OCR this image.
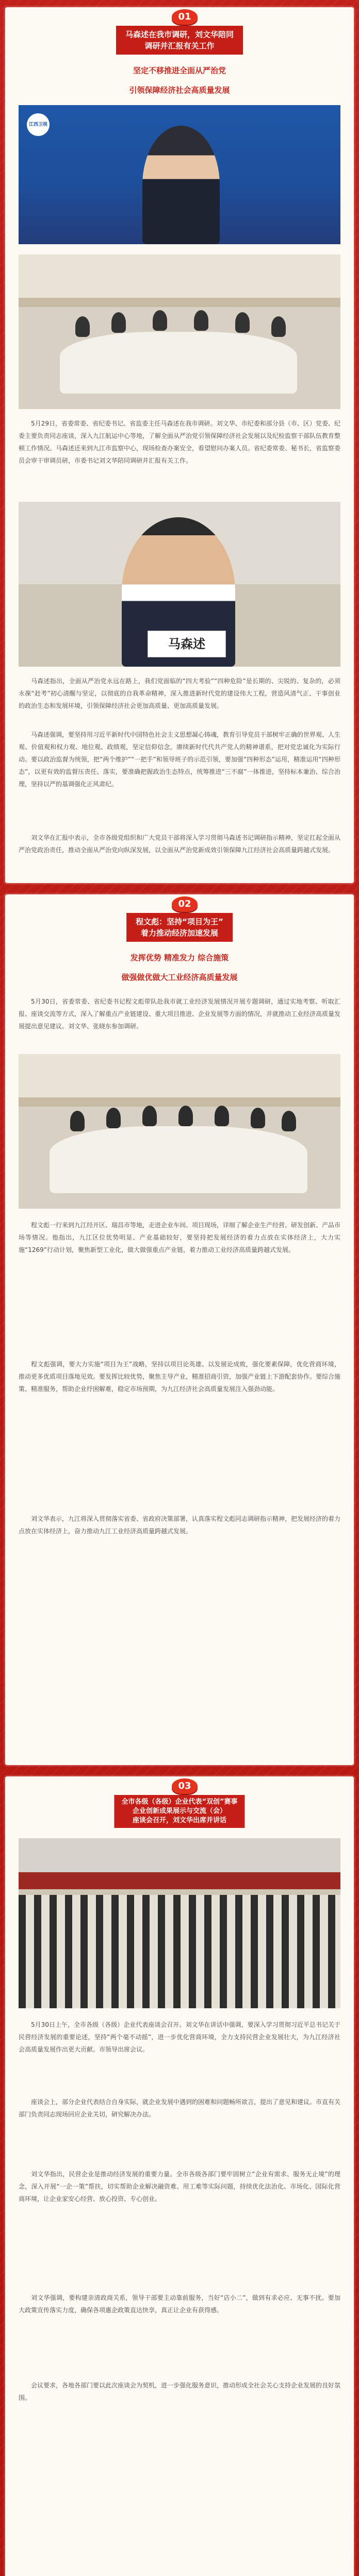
01
马森述在我市调研，刘文华陪同
调研并汇报有关工作
坚定不移推进全面从严治党
引领保障经济社会高质量发展
江西卫视

5月29日，省委常委、省纪委书记、省监委主任马森述在我市调研。刘文华、市纪委和部分县（市、区）党委、纪委主要负责同志座谈，深入九江航运中心等地，了解全面从严治党引领保障经济社会发展以及纪检监察干部队伍教育整顿工作情况。马森述还来到九江市监察中心，现场检查办案安全，看望慰问办案人员。省纪委常委、秘书长，省监察委员会审干审调员研，市委书记刘文华陪同调研并汇报有关工作。

马森述

马森述指出，全面从严治党永远在路上，我们党面临的“四大考验”“四种危险”是长期的、尖锐的、复杂的，必须永葆“赶考”初心清醒与坚定，以彻底的自我革命精神，深入推进新时代党的建设伟大工程，营造风清气正、干事创业的政治生态和发展环境，引领保障经济社会更加高质量、更加高质量发展。

马森述强调，要坚持用习近平新时代中国特色社会主义思想凝心铸魂，教育引导党员干部树牢正确的世界观、人生观、价值观和权力观、地位观、政绩观，坚定信仰信念，赓续新时代代共产党人的精神谱系，把对党忠诚化为实际行动。要以政治监督为统领，把“两个维护”“一把手”和领导班子的示范引领，要加强“四种形态”运用，精准运用“四种形态”，以更有效的监督压责任、落实，要准确把握政治生态特点，统筹推进“三不腐”一体推进，坚持标本兼治、综合治理，坚持以严的基调强化正风肃纪。

刘文华在汇报中表示，全市各级党组织和广大党员干部将深入学习贯彻马森述书记调研指示精神，坚定扛起全面从严治党政治责任，推动全面从严治党向纵深发展，以全面从严治党新成效引领保障九江经济社会高质量跨越式发展。

02
程文彪：坚持“项目为王”
着力推动经济加速发展
发挥优势 精准发力 综合施策
做强做优做大工业经济高质量发展

5月30日，省委常委、省纪委书记程文彪带队赴我市就工业经济发展情况开展专题调研，通过实地考察、听取汇报、座谈交流等方式，深入了解重点产业链建设、重大项目推进、企业发展等方面的情况，并就推动工业经济高质量发展提出意见建议。刘文华、张晓东参加调研。

程文彪一行来到九江经开区、瑞昌市等地，走进企业车间、项目现场，详细了解企业生产经营、研发创新、产品市场等情况。他指出，九江区位优势明显、产业基础较好，要坚持把发展经济的着力点放在实体经济上，大力实施“1269”行动计划，聚焦新型工业化，做大做强重点产业链，着力推动工业经济高质量跨越式发展。

程文彪强调，要大力实施“项目为王”战略，坚持以项目论英雄、以发展论成败，强化要素保障，优化营商环境，推动更多优质项目落地见效。要发挥比较优势，聚焦主导产业，精准招商引资，加强产业链上下游配套协作。要综合施策、精准服务，帮助企业纾困解难，稳定市场预期，为九江经济社会高质量发展注入强劲动能。

刘文华表示，九江将深入贯彻落实省委、省政府决策部署，认真落实程文彪同志调研指示精神，把发展经济的着力点放在实体经济上，奋力推动九江工业经济高质量跨越式发展。

03
全市各级（各级）企业代表“双创”赛事
企业创新成果展示与交流（会）
座谈会召开，刘文华出席并讲话

5月30日上午，全市各级（各级）企业代表座谈会召开。刘文华在讲话中强调，要深入学习贯彻习近平总书记关于民营经济发展的重要论述，坚持“两个毫不动摇”，进一步优化营商环境，全力支持民营企业发展壮大，为九江经济社会高质量发展作出更大贡献。市领导出席会议。

座谈会上，部分企业代表结合自身实际，就企业发展中遇到的困难和问题畅所欲言，提出了意见和建议。市直有关部门负责同志现场回应企业关切，研究解决办法。

刘文华指出，民营企业是推动经济发展的重要力量。全市各级各部门要牢固树立“企业有需求、服务无止境”的理念，深入开展“一企一策”帮扶，切实帮助企业解决融资难、用工难等实际问题，持续优化法治化、市场化、国际化营商环境，让企业家安心经营、放心投资、专心创业。

刘文华强调，要构建亲清政商关系，领导干部要主动靠前服务，当好“店小二”，做到有求必应、无事不扰。要加大政策宣传落实力度，确保各项惠企政策直达快享，真正让企业有获得感。

会议要求，各地各部门要以此次座谈会为契机，进一步强化服务意识，推动形成全社会关心支持企业发展的良好氛围。
